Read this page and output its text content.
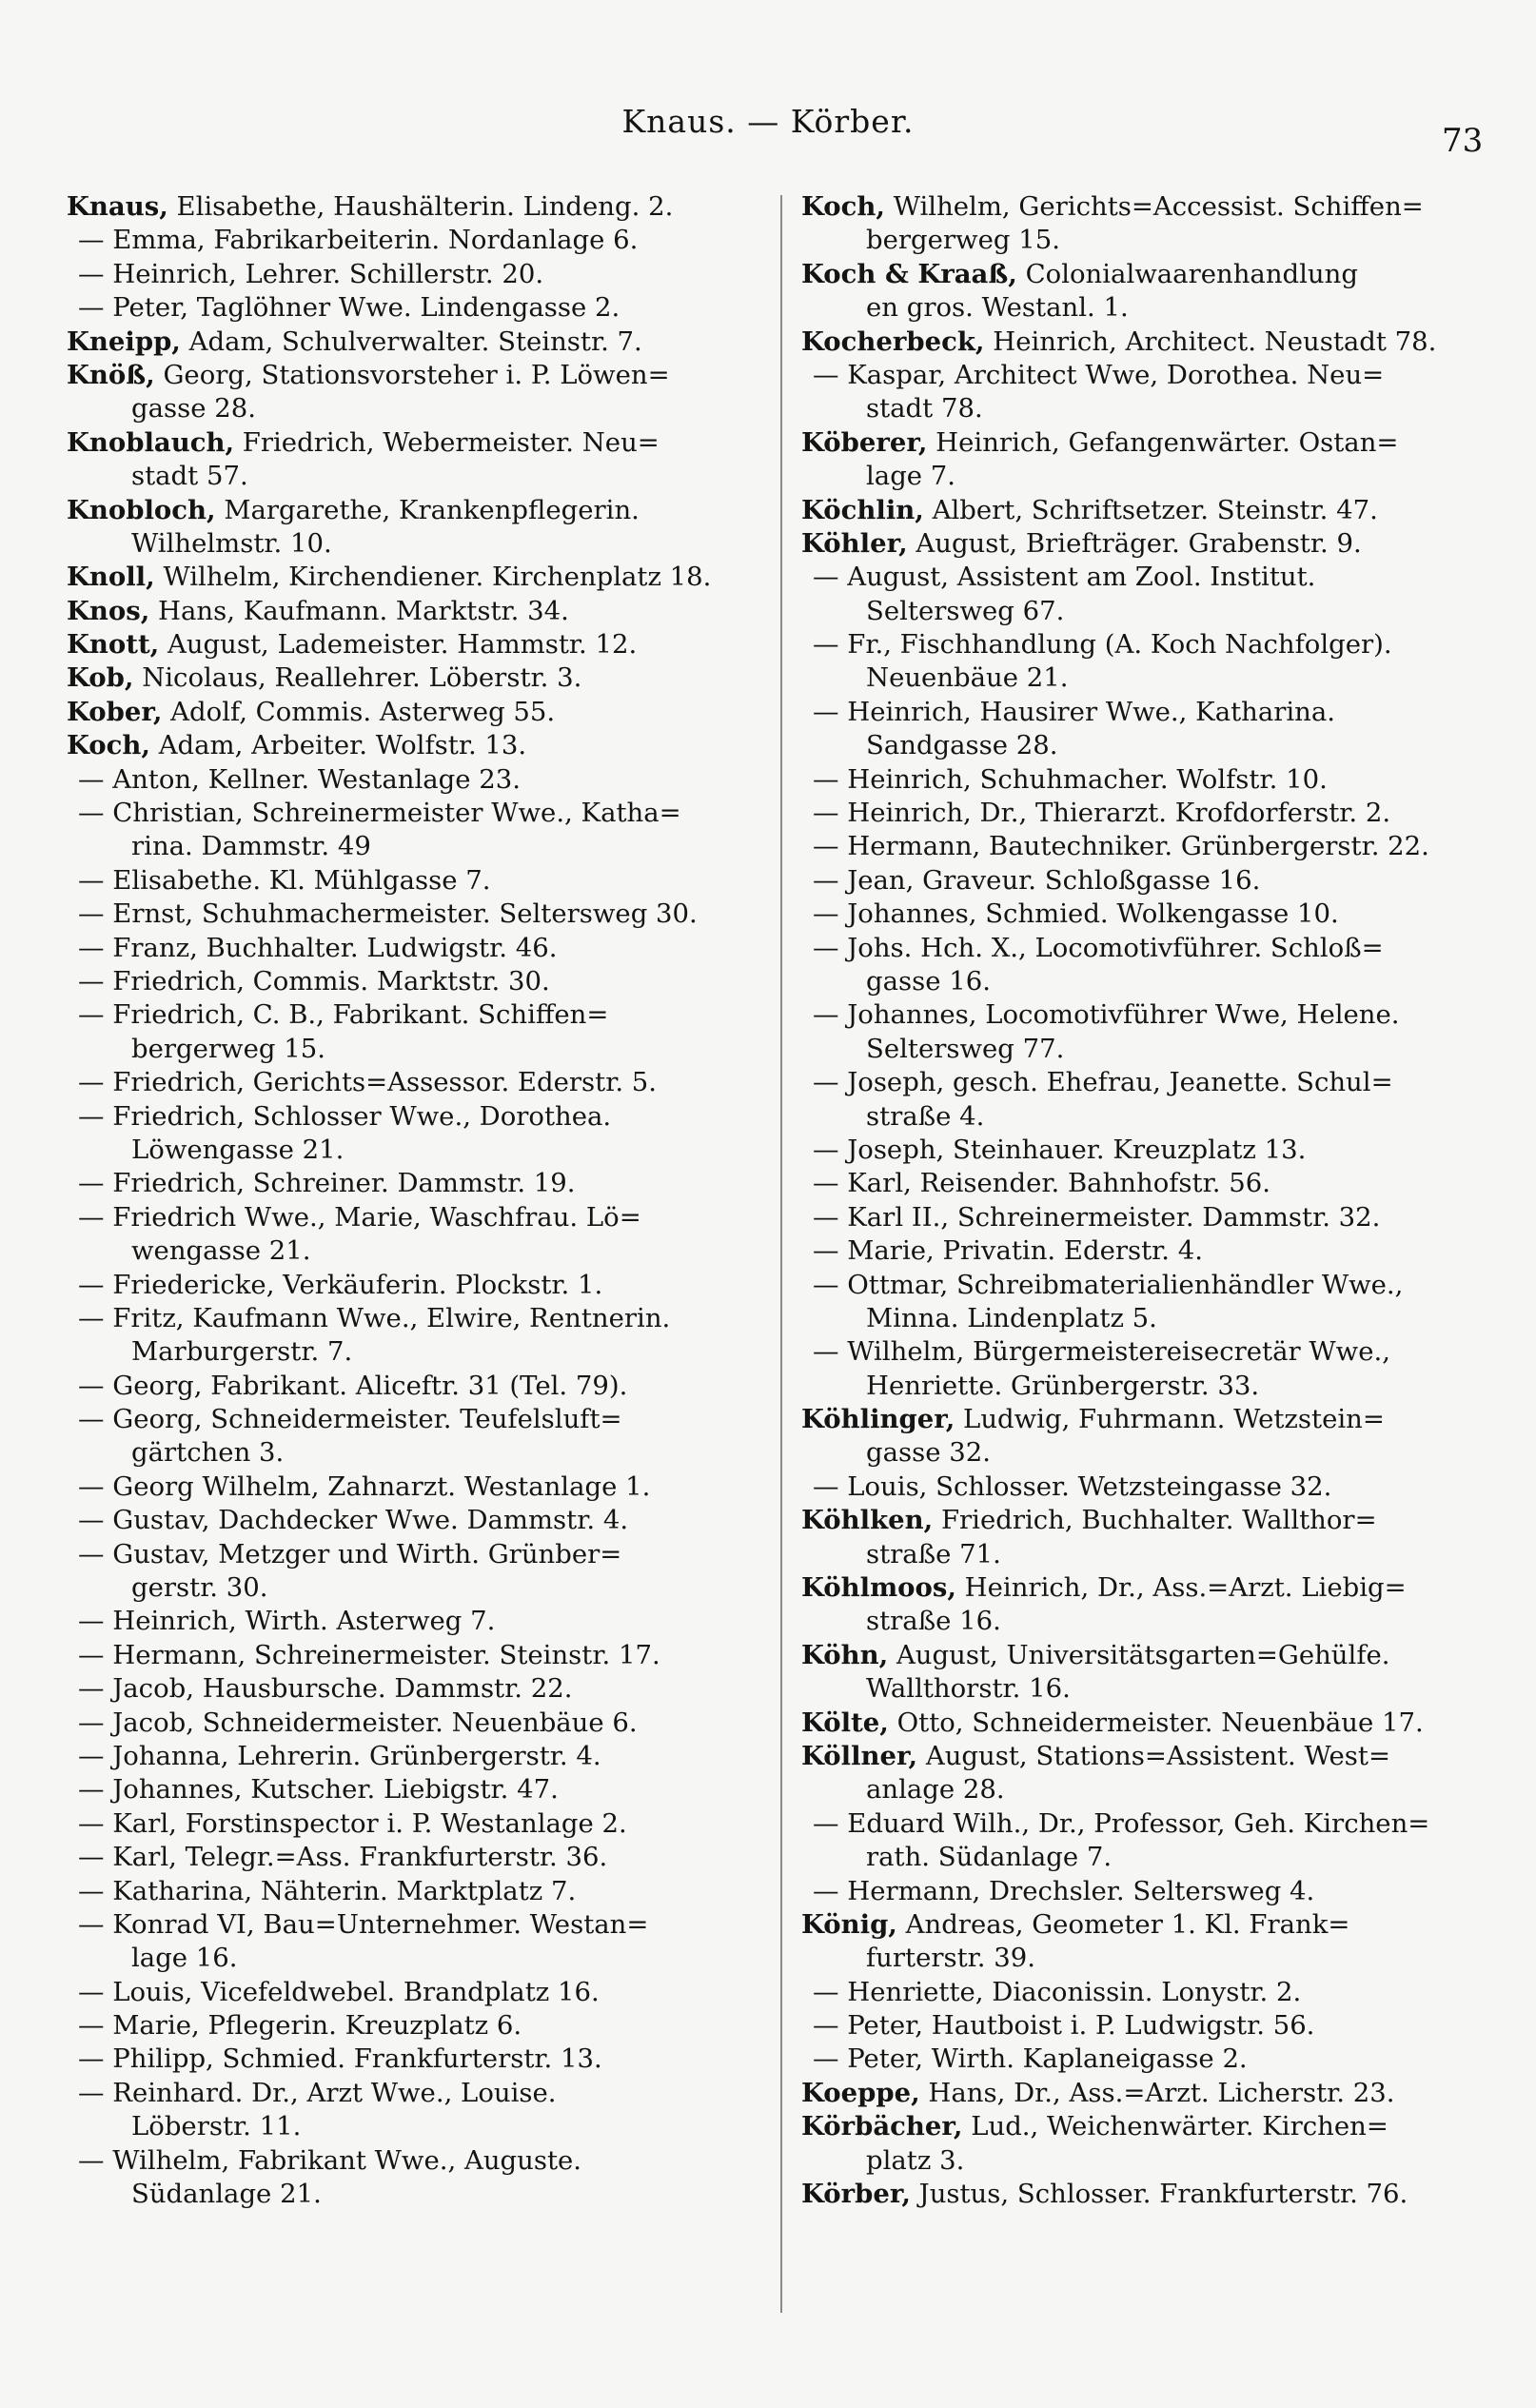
Knaus. — Körber.
73
Knaus, Elisabethe, Haushälterin. Lindeng. 2.
— Emma, Fabrikarbeiterin. Nordanlage 6.
— Heinrich, Lehrer. Schillerstr. 20.
— Peter, Taglöhner Wwe. Lindengasse 2.
Kneipp, Adam, Schulverwalter. Steinstr. 7.
Knöß, Georg, Stationsvorsteher i. P. Löwen=
gasse 28.
Knoblauch, Friedrich, Webermeister. Neu=
stadt 57.
Knobloch, Margarethe, Krankenpflegerin.
Wilhelmstr. 10.
Knoll, Wilhelm, Kirchendiener. Kirchenplatz 18.
Knos, Hans, Kaufmann. Marktstr. 34.
Knott, August, Lademeister. Hammstr. 12.
Kob, Nicolaus, Reallehrer. Löberstr. 3.
Kober, Adolf, Commis. Asterweg 55.
Koch, Adam, Arbeiter. Wolfstr. 13.
— Anton, Kellner. Westanlage 23.
— Christian, Schreinermeister Wwe., Katha=
rina. Dammstr. 49
— Elisabethe. Kl. Mühlgasse 7.
— Ernst, Schuhmachermeister. Seltersweg 30.
— Franz, Buchhalter. Ludwigstr. 46.
— Friedrich, Commis. Marktstr. 30.
— Friedrich, C. B., Fabrikant. Schiffen=
bergerweg 15.
— Friedrich, Gerichts=Assessor. Ederstr. 5.
— Friedrich, Schlosser Wwe., Dorothea.
Löwengasse 21.
— Friedrich, Schreiner. Dammstr. 19.
— Friedrich Wwe., Marie, Waschfrau. Lö=
wengasse 21.
— Friedericke, Verkäuferin. Plockstr. 1.
— Fritz, Kaufmann Wwe., Elwire, Rentnerin.
Marburgerstr. 7.
— Georg, Fabrikant. Aliceftr. 31 (Tel. 79).
— Georg, Schneidermeister. Teufelsluft=
gärtchen 3.
— Georg Wilhelm, Zahnarzt. Westanlage 1.
— Gustav, Dachdecker Wwe. Dammstr. 4.
— Gustav, Metzger und Wirth. Grünber=
gerstr. 30.
— Heinrich, Wirth. Asterweg 7.
— Hermann, Schreinermeister. Steinstr. 17.
— Jacob, Hausbursche. Dammstr. 22.
— Jacob, Schneidermeister. Neuenbäue 6.
— Johanna, Lehrerin. Grünbergerstr. 4.
— Johannes, Kutscher. Liebigstr. 47.
— Karl, Forstinspector i. P. Westanlage 2.
— Karl, Telegr.=Ass. Frankfurterstr. 36.
— Katharina, Nähterin. Marktplatz 7.
— Konrad VI, Bau=Unternehmer. Westan=
lage 16.
— Louis, Vicefeldwebel. Brandplatz 16.
— Marie, Pflegerin. Kreuzplatz 6.
— Philipp, Schmied. Frankfurterstr. 13.
— Reinhard. Dr., Arzt Wwe., Louise.
Löberstr. 11.
— Wilhelm, Fabrikant Wwe., Auguste.
Südanlage 21.
Koch, Wilhelm, Gerichts=Accessist. Schiffen=
bergerweg 15.
Koch & Kraaß, Colonialwaarenhandlung
en gros. Westanl. 1.
Kocherbeck, Heinrich, Architect. Neustadt 78.
— Kaspar, Architect Wwe, Dorothea. Neu=
stadt 78.
Köberer, Heinrich, Gefangenwärter. Ostan=
lage 7.
Köchlin, Albert, Schriftsetzer. Steinstr. 47.
Köhler, August, Briefträger. Grabenstr. 9.
— August, Assistent am Zool. Institut.
Seltersweg 67.
— Fr., Fischhandlung (A. Koch Nachfolger).
Neuenbäue 21.
— Heinrich, Hausirer Wwe., Katharina.
Sandgasse 28.
— Heinrich, Schuhmacher. Wolfstr. 10.
— Heinrich, Dr., Thierarzt. Krofdorferstr. 2.
— Hermann, Bautechniker. Grünbergerstr. 22.
— Jean, Graveur. Schloßgasse 16.
— Johannes, Schmied. Wolkengasse 10.
— Johs. Hch. X., Locomotivführer. Schloß=
gasse 16.
— Johannes, Locomotivführer Wwe, Helene.
Seltersweg 77.
— Joseph, gesch. Ehefrau, Jeanette. Schul=
straße 4.
— Joseph, Steinhauer. Kreuzplatz 13.
— Karl, Reisender. Bahnhofstr. 56.
— Karl II., Schreinermeister. Dammstr. 32.
— Marie, Privatin. Ederstr. 4.
— Ottmar, Schreibmaterialienhändler Wwe.,
Minna. Lindenplatz 5.
— Wilhelm, Bürgermeistereisecretär Wwe.,
Henriette. Grünbergerstr. 33.
Köhlinger, Ludwig, Fuhrmann. Wetzstein=
gasse 32.
— Louis, Schlosser. Wetzsteingasse 32.
Köhlken, Friedrich, Buchhalter. Wallthor=
straße 71.
Köhlmoos, Heinrich, Dr., Ass.=Arzt. Liebig=
straße 16.
Köhn, August, Universitätsgarten=Gehülfe.
Wallthorstr. 16.
Költe, Otto, Schneidermeister. Neuenbäue 17.
Köllner, August, Stations=Assistent. West=
anlage 28.
— Eduard Wilh., Dr., Professor, Geh. Kirchen=
rath. Südanlage 7.
— Hermann, Drechsler. Seltersweg 4.
König, Andreas, Geometer 1. Kl. Frank=
furterstr. 39.
— Henriette, Diaconissin. Lonystr. 2.
— Peter, Hautboist i. P. Ludwigstr. 56.
— Peter, Wirth. Kaplaneigasse 2.
Koeppe, Hans, Dr., Ass.=Arzt. Licherstr. 23.
Körbächer, Lud., Weichenwärter. Kirchen=
platz 3.
Körber, Justus, Schlosser. Frankfurterstr. 76.
